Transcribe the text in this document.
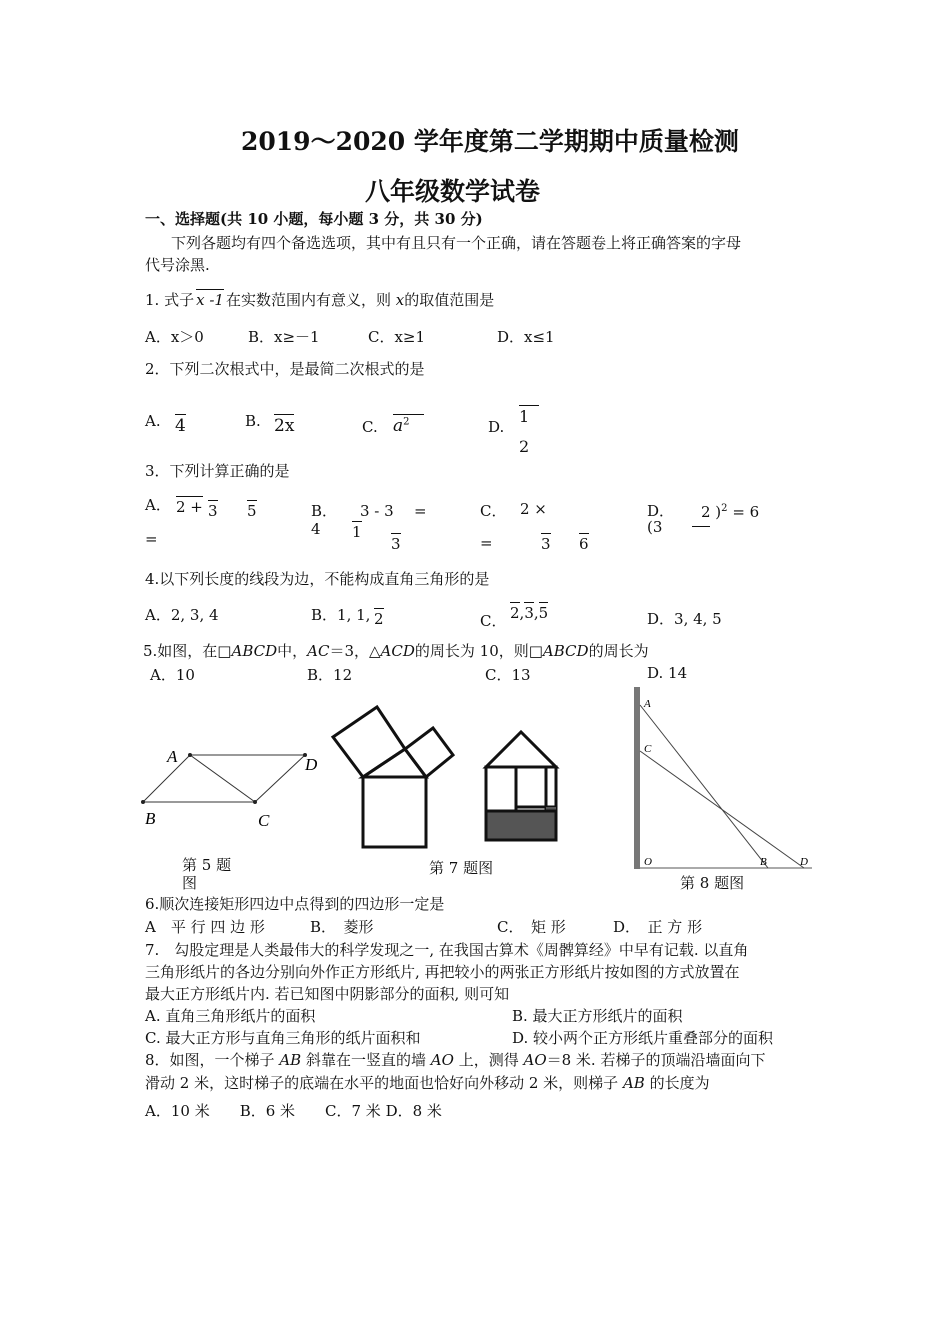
2019～2020 学年度第二学期期中质量检测
八年级数学试卷
一、选择题(共 10 小题，每小题 3 分，共 30 分)
下列各题均有四个备选选项，其中有且只有一个正确，请在答题卷上将正确答案的字母
代号涂黑.
1. 式子 x -1 在实数范围内有意义，则 x的取值范围是
A．x＞0	B．x≥－1	C．x≥1	D．x≤1
2．下列二次根式中，是最简二次根式的是
A. 4	B. 2x	C. $a^2$	D.
1
2
3．下列计算正确的是
A． 2 + 3 5
=
B． 3 - 3 =
4 1
3
C． 2 ×
=	3 6
D． 2 )$^2$ = 6
(3
4.以下列长度的线段为边，不能构成直角三角形的是
A．2, 3, 4	B．1, 1, 2	C． 2,3,5	D．3, 4, 5
5.如图，在□ABCD中，AC＝3，△ACD的周长为 10，则□ABCD的周长为
A．10	B．12	C．13	D. 14
A	D
B	C
第 5 题
图
第 7 题图
A
C
O	B	D
第 8 题图
6.顺次连接矩形四边中点得到的四边形一定是
A　平 行 四 边 形	B．　菱形	C．　矩 形	D．　正 方 形
7.　勾股定理是人类最伟大的科学发现之一, 在我国古算术《周髀算经》中早有记载. 以直角
三角形纸片的各边分别向外作正方形纸片, 再把较小的两张正方形纸片按如图的方式放置在
最大正方形纸片内. 若已知图中阴影部分的面积, 则可知
A. 直角三角形纸片的面积	B. 最大正方形纸片的面积
C. 最大正方形与直角三角形的纸片面积和	D. 较小两个正方形纸片重叠部分的面积
8．如图，一个梯子 AB 斜靠在一竖直的墙 AO 上，测得 AO＝8 米. 若梯子的顶端沿墙面向下
滑动 2 米，这时梯子的底端在水平的地面也恰好向外移动 2 米，则梯子 AB 的长度为
A．10 米　　B．6 米　　C．7 米 D．8 米
